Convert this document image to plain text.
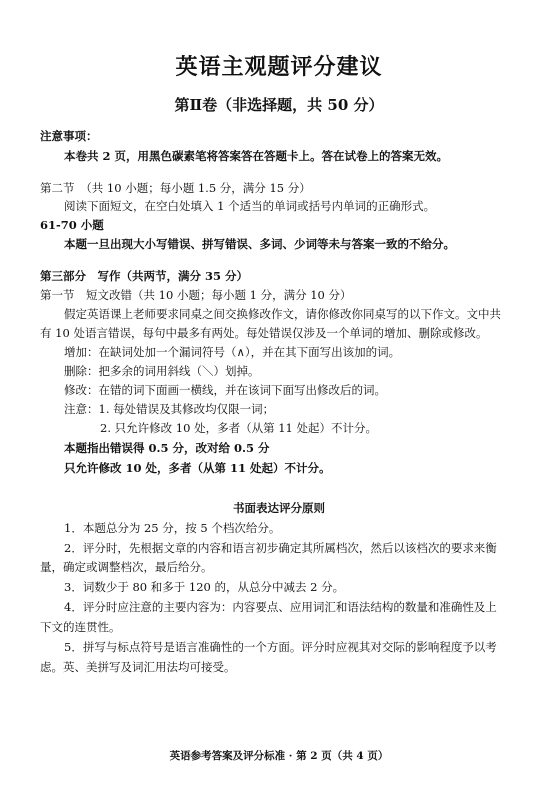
英语主观题评分建议
第Ⅱ卷（非选择题，共 50 分）
注意事项：
本卷共 2 页，用黑色碳素笔将答案答在答题卡上。答在试卷上的答案无效。
第二节　（共 10 小题；每小题 1.5 分，满分 15 分）
阅读下面短文，在空白处填入 1 个适当的单词或括号内单词的正确形式。
61-70 小题
本题一旦出现大小写错误、拼写错误、多词、少词等未与答案一致的不给分。
第三部分　写作（共两节，满分 35 分）
第一节　短文改错（共 10 小题；每小题 1 分，满分 10 分）
假定英语课上老师要求同桌之间交换修改作文，请你修改你同桌写的以下作文。文中共
有 10 处语言错误，每句中最多有两处。每处错误仅涉及一个单词的增加、删除或修改。
增加：在缺词处加一个漏词符号（∧），并在其下面写出该加的词。
删除：把多余的词用斜线（＼）划掉。
修改：在错的词下面画一横线，并在该词下面写出修改后的词。
注意：1. 每处错误及其修改均仅限一词；
2. 只允许修改 10 处，多者（从第 11 处起）不计分。
本题指出错误得 0.5 分，改对给 0.5 分
只允许修改 10 处，多者（从第 11 处起）不计分。
书面表达评分原则
1．本题总分为 25 分，按 5 个档次给分。
2．评分时，先根据文章的内容和语言初步确定其所属档次，然后以该档次的要求来衡
量，确定或调整档次，最后给分。
3．词数少于 80 和多于 120 的，从总分中减去 2 分。
4．评分时应注意的主要内容为：内容要点、应用词汇和语法结构的数量和准确性及上
下文的连贯性。
5．拼写与标点符号是语言准确性的一个方面。评分时应视其对交际的影响程度予以考
虑。英、美拼写及词汇用法均可接受。
英语参考答案及评分标准 · 第 2 页（共 4 页）
